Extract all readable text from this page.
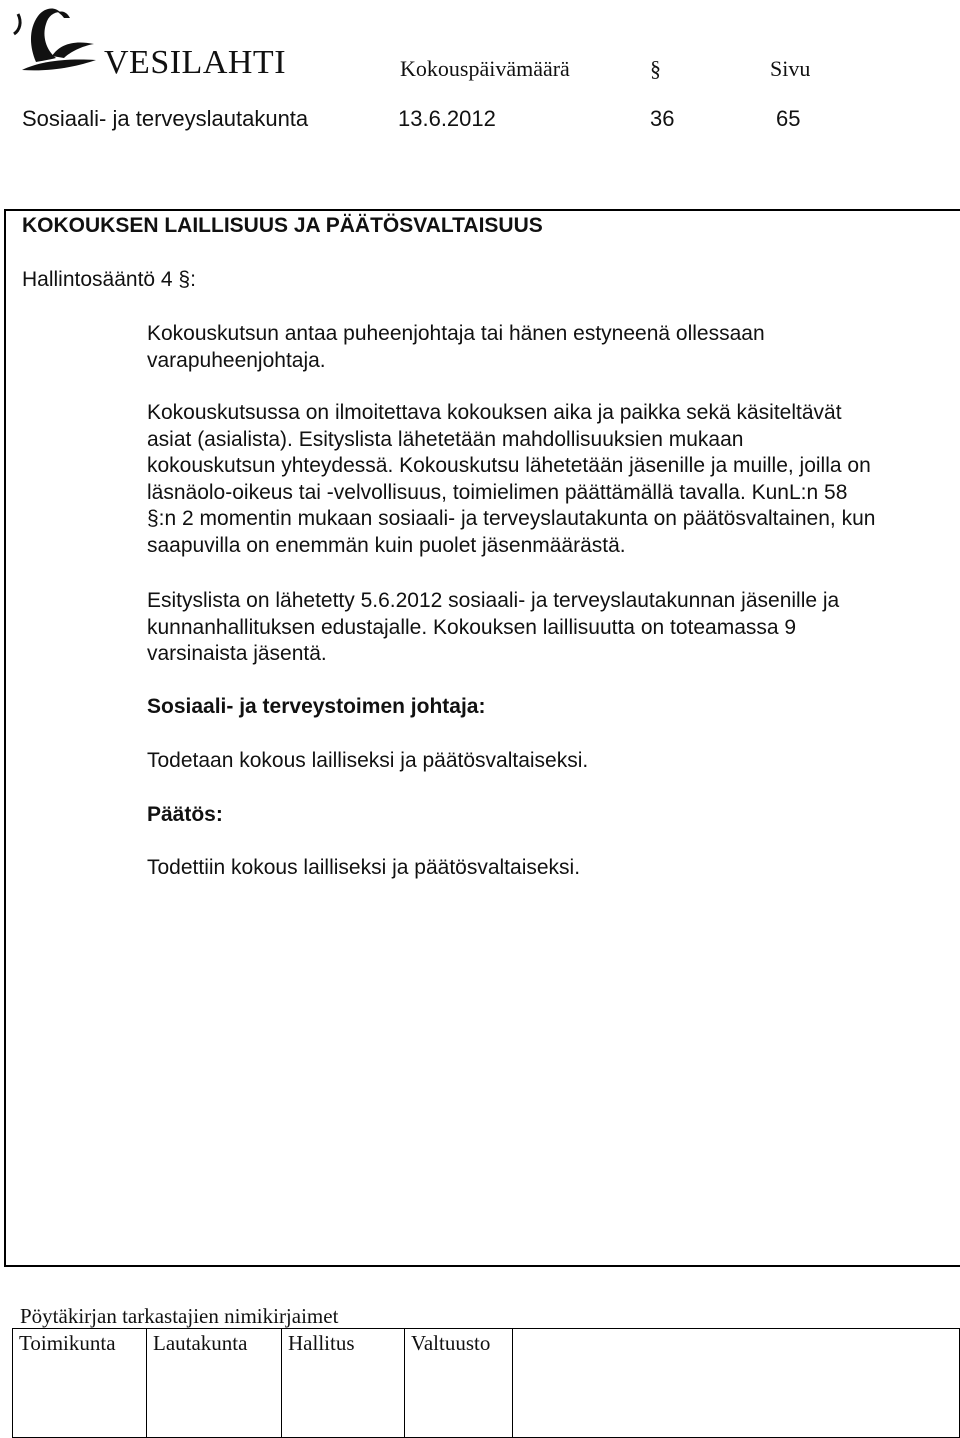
VESILAHTI	Kokouspäivämäärä	§	Sivu
Sosiaali- ja terveyslautakunta	13.6.2012	36	65
KOKOUKSEN LAILLISUUS JA PÄÄTÖSVALTAISUUS
Hallintosääntö 4 §:
Kokouskutsun antaa puheenjohtaja tai hänen estyneenä ollessaan
varapuheenjohtaja.
Kokouskutsussa on ilmoitettava kokouksen aika ja paikka sekä käsiteltävät
asiat (asialista). Esityslista lähetetään mahdollisuuksien mukaan
kokouskutsun yhteydessä. Kokouskutsu lähetetään jäsenille ja muille, joilla on
läsnäolo-oikeus tai -velvollisuus, toimielimen päättämällä tavalla. KunL:n 58
§:n 2 momentin mukaan sosiaali- ja terveyslautakunta on päätösvaltainen, kun
saapuvilla on enemmän kuin puolet jäsenmäärästä.
Esityslista on lähetetty 5.6.2012 sosiaali- ja terveyslautakunnan jäsenille ja
kunnanhallituksen edustajalle. Kokouksen laillisuutta on toteamassa 9
varsinaista jäsentä.
Sosiaali- ja terveystoimen johtaja:
Todetaan kokous lailliseksi ja päätösvaltaiseksi.
Päätös:
Todettiin kokous lailliseksi ja päätösvaltaiseksi.
Pöytäkirjan tarkastajien nimikirjaimet
Toimikunta	Lautakunta	Hallitus	Valtuusto	
